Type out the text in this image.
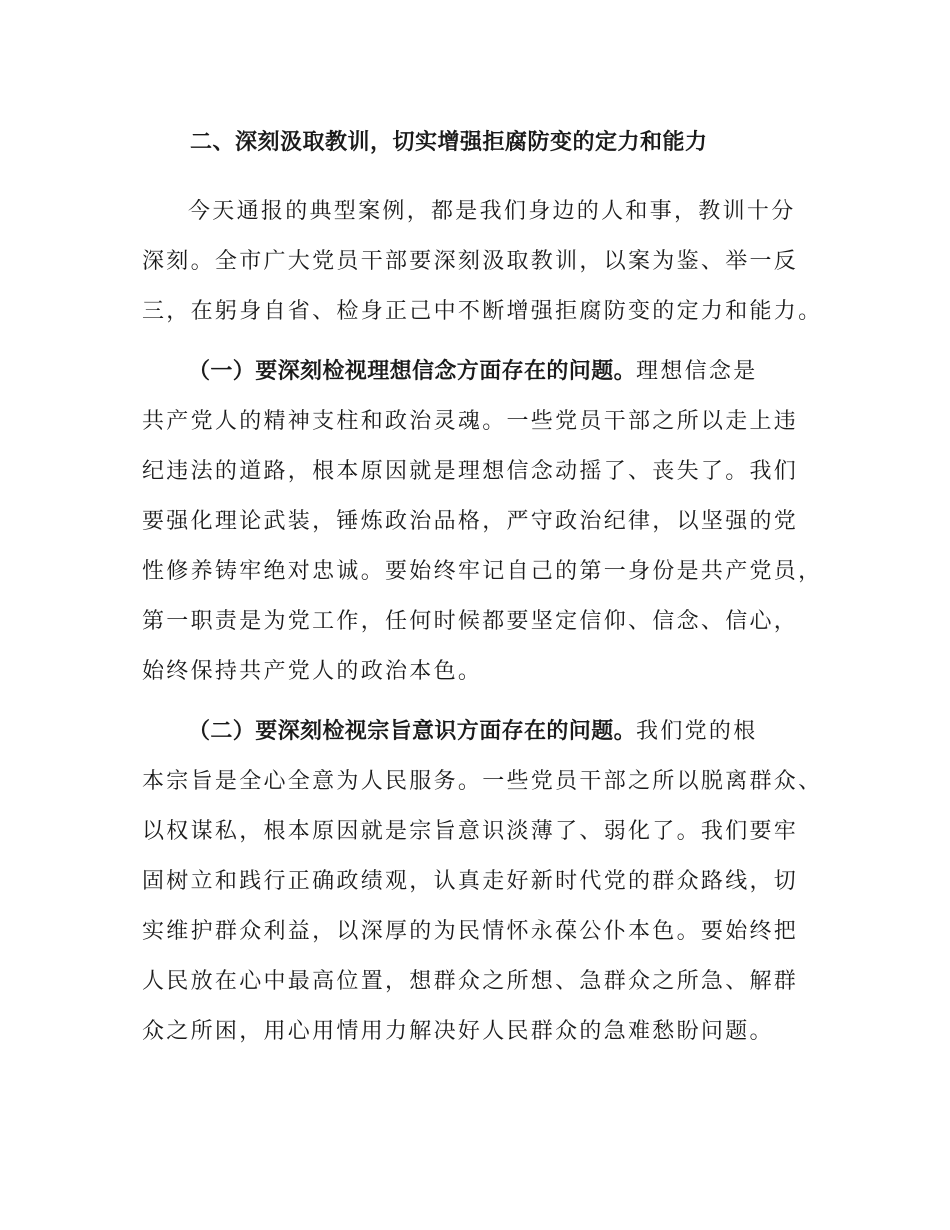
二、深刻汲取教训，切实增强拒腐防变的定力和能力
今天通报的典型案例，都是我们身边的人和事，教训十分
深刻。全市广大党员干部要深刻汲取教训，以案为鉴、举一反
三，在躬身自省、检身正己中不断增强拒腐防变的定力和能力。
（一）要深刻检视理想信念方面存在的问题。理想信念是
共产党人的精神支柱和政治灵魂。一些党员干部之所以走上违
纪违法的道路，根本原因就是理想信念动摇了、丧失了。我们
要强化理论武装，锤炼政治品格，严守政治纪律，以坚强的党
性修养铸牢绝对忠诚。要始终牢记自己的第一身份是共产党员，
第一职责是为党工作，任何时候都要坚定信仰、信念、信心，
始终保持共产党人的政治本色。
（二）要深刻检视宗旨意识方面存在的问题。我们党的根
本宗旨是全心全意为人民服务。一些党员干部之所以脱离群众、
以权谋私，根本原因就是宗旨意识淡薄了、弱化了。我们要牢
固树立和践行正确政绩观，认真走好新时代党的群众路线，切
实维护群众利益，以深厚的为民情怀永葆公仆本色。要始终把
人民放在心中最高位置，想群众之所想、急群众之所急、解群
众之所困，用心用情用力解决好人民群众的急难愁盼问题。
